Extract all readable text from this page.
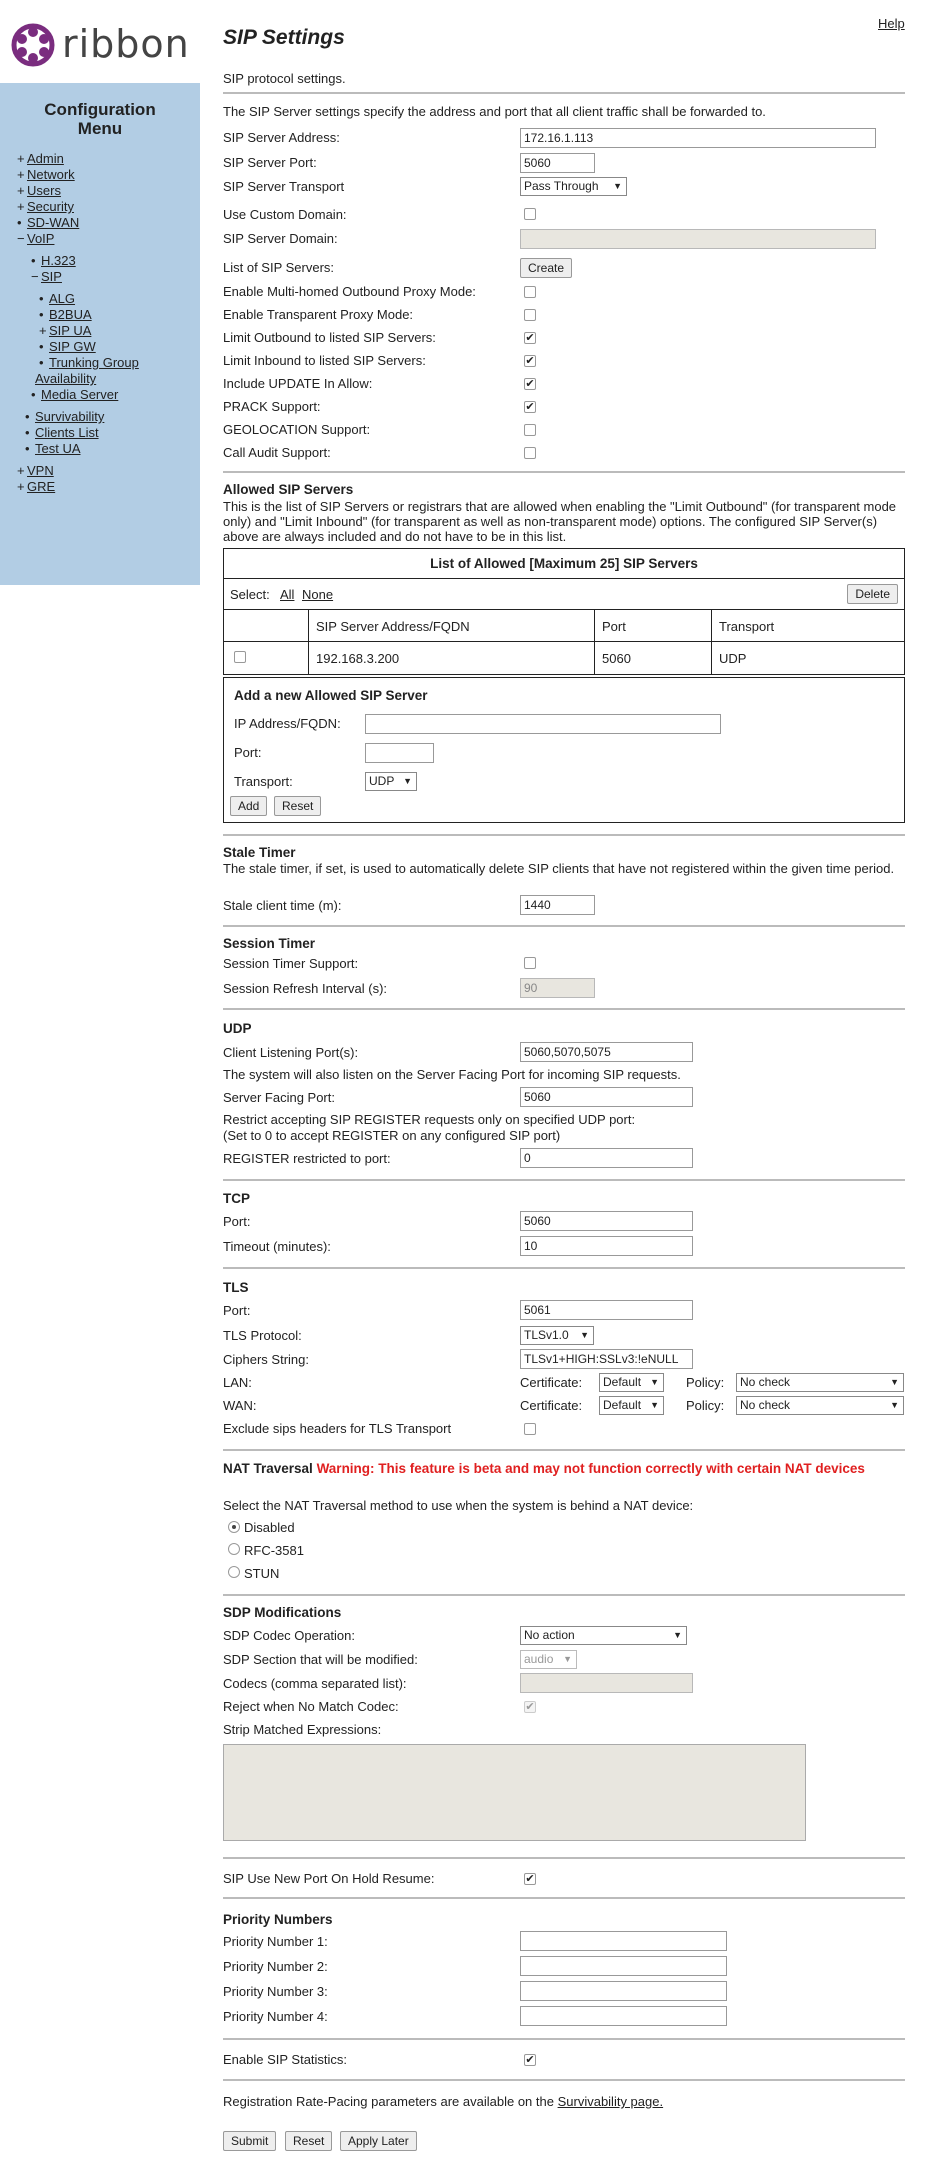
ribbon
Configuration Menu
+ Admin
+ Network
+ Users
+ Security
• SD-WAN
− VoIP
• H.323
− SIP
• ALG
• B2BUA
+ SIP UA
• SIP GW
• Trunking Group
Availability
• Media Server
• Survivability
• Clients List
• Test UA
+ VPN
+ GRE
Help
SIP Settings
SIP protocol settings.
The SIP Server settings specify the address and port that all client traffic shall be forwarded to.
SIP Server Address:	172.16.1.113
SIP Server Port:	5060
SIP Server Transport	Pass Through ▼
Use Custom Domain:
SIP Server Domain:
List of SIP Servers:	Create
Enable Multi-homed Outbound Proxy Mode:
Enable Transparent Proxy Mode:
Limit Outbound to listed SIP Servers:	✔
Limit Inbound to listed SIP Servers:	✔
Include UPDATE In Allow:	✔
PRACK Support:	✔
GEOLOCATION Support:
Call Audit Support:
Allowed SIP Servers
This is the list of SIP Servers or registrars that are allowed when enabling the "Limit Outbound" (for transparent mode only) and "Limit Inbound" (for transparent as well as non-transparent mode) options. The configured SIP Server(s) above are always included and do not have to be in this list.
List of Allowed [Maximum 25] SIP Servers
Select: All None	Delete
SIP Server Address/FQDN	Port	Transport
192.168.3.200	5060	UDP
Add a new Allowed SIP Server
IP Address/FQDN:
Port:
Transport:	UDP ▼
Add	Reset
Stale Timer
The stale timer, if set, is used to automatically delete SIP clients that have not registered within the given time period.
Stale client time (m):	1440
Session Timer
Session Timer Support:
Session Refresh Interval (s):	90
UDP
Client Listening Port(s):	5060,5070,5075
The system will also listen on the Server Facing Port for incoming SIP requests.
Server Facing Port:	5060
Restrict accepting SIP REGISTER requests only on specified UDP port:
(Set to 0 to accept REGISTER on any configured SIP port)
REGISTER restricted to port:	0
TCP
Port:	5060
Timeout (minutes):	10
TLS
Port:	5061
TLS Protocol:	TLSv1.0 ▼
Ciphers String:	TLSv1+HIGH:SSLv3:!eNULL
LAN:	Certificate:	Default ▼ Policy:	No check	▼
WAN:	Certificate:	Default ▼ Policy:	No check	▼
Exclude sips headers for TLS Transport
NAT Traversal Warning: This feature is beta and may not function correctly with certain NAT devices
Select the NAT Traversal method to use when the system is behind a NAT device:
Disabled
RFC-3581
STUN
SDP Modifications
SDP Codec Operation:	No action	▼
SDP Section that will be modified:	audio ▼
Codecs (comma separated list):
Reject when No Match Codec:	✔
Strip Matched Expressions:
SIP Use New Port On Hold Resume:	✔
Priority Numbers
Priority Number 1:
Priority Number 2:
Priority Number 3:
Priority Number 4:
Enable SIP Statistics:	✔
Registration Rate-Pacing parameters are available on the Survivability page.
Submit	Reset	Apply Later
